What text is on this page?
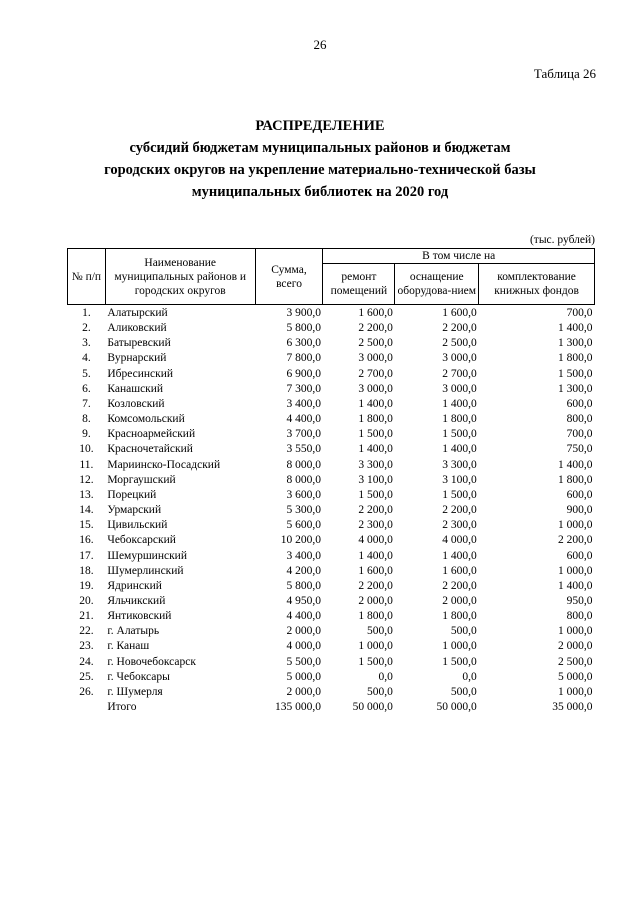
26
Таблица 26
РАСПРЕДЕЛЕНИЕ
субсидий бюджетам муниципальных районов и бюджетам
городских округов на укрепление материально-технической базы
муниципальных библиотек на 2020 год
(тыс. рублей)
№ п/п	Наименование муниципальных районов и городских округов	Сумма, всего	В том числе на		
			ремонт помещений	оснащение оборудова-нием	комплектование книжных фондов
1.	Алатырский	3 900,0	1 600,0	1 600,0	700,0
2.	Аликовский	5 800,0	2 200,0	2 200,0	1 400,0
3.	Батыревский	6 300,0	2 500,0	2 500,0	1 300,0
4.	Вурнарский	7 800,0	3 000,0	3 000,0	1 800,0
5.	Ибресинский	6 900,0	2 700,0	2 700,0	1 500,0
6.	Канашский	7 300,0	3 000,0	3 000,0	1 300,0
7.	Козловский	3 400,0	1 400,0	1 400,0	600,0
8.	Комсомольский	4 400,0	1 800,0	1 800,0	800,0
9.	Красноармейский	3 700,0	1 500,0	1 500,0	700,0
10.	Красночетайский	3 550,0	1 400,0	1 400,0	750,0
11.	Мариинско-Посадский	8 000,0	3 300,0	3 300,0	1 400,0
12.	Моргаушский	8 000,0	3 100,0	3 100,0	1 800,0
13.	Порецкий	3 600,0	1 500,0	1 500,0	600,0
14.	Урмарский	5 300,0	2 200,0	2 200,0	900,0
15.	Цивильский	5 600,0	2 300,0	2 300,0	1 000,0
16.	Чебоксарский	10 200,0	4 000,0	4 000,0	2 200,0
17.	Шемуршинский	3 400,0	1 400,0	1 400,0	600,0
18.	Шумерлинский	4 200,0	1 600,0	1 600,0	1 000,0
19.	Ядринский	5 800,0	2 200,0	2 200,0	1 400,0
20.	Яльчикский	4 950,0	2 000,0	2 000,0	950,0
21.	Янтиковский	4 400,0	1 800,0	1 800,0	800,0
22.	г. Алатырь	2 000,0	500,0	500,0	1 000,0
23.	г. Канаш	4 000,0	1 000,0	1 000,0	2 000,0
24.	г. Новочебоксарск	5 500,0	1 500,0	1 500,0	2 500,0
25.	г. Чебоксары	5 000,0	0,0	0,0	5 000,0
26.	г. Шумерля	2 000,0	500,0	500,0	1 000,0
	Итого	135 000,0	50 000,0	50 000,0	35 000,0
